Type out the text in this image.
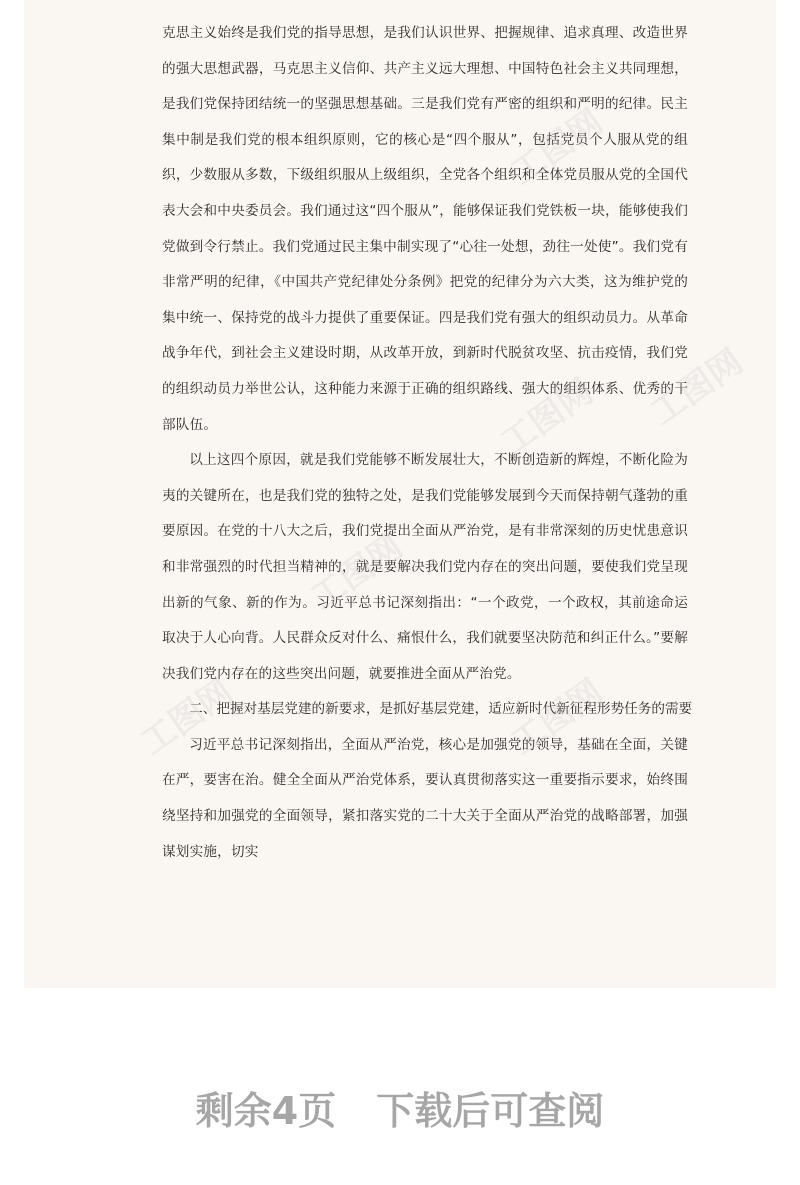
克思主义始终是我们党的指导思想，是我们认识世界、把握规律、追求真理、改造世界的强大思想武器，马克思主义信仰、共产主义远大理想、中国特色社会主义共同理想，是我们党保持团结统一的坚强思想基础。三是我们党有严密的组织和严明的纪律。民主集中制是我们党的根本组织原则，它的核心是“四个服从”，包括党员个人服从党的组织，少数服从多数，下级组织服从上级组织，全党各个组织和全体党员服从党的全国代表大会和中央委员会。我们通过这“四个服从”，能够保证我们党铁板一块，能够使我们党做到令行禁止。我们党通过民主集中制实现了“心往一处想，劲往一处使”。我们党有非常严明的纪律，《中国共产党纪律处分条例》把党的纪律分为六大类，这为维护党的集中统一、保持党的战斗力提供了重要保证。四是我们党有强大的组织动员力。从革命战争年代，到社会主义建设时期，从改革开放，到新时代脱贫攻坚、抗击疫情，我们党的组织动员力举世公认，这种能力来源于正确的组织路线、强大的组织体系、优秀的干部队伍。

以上这四个原因，就是我们党能够不断发展壮大，不断创造新的辉煌，不断化险为夷的关键所在，也是我们党的独特之处，是我们党能够发展到今天而保持朝气蓬勃的重要原因。在党的十八大之后，我们党提出全面从严治党，是有非常深刻的历史忧患意识和非常强烈的时代担当精神的，就是要解决我们党内存在的突出问题，要使我们党呈现出新的气象、新的作为。习近平总书记深刻指出：“一个政党，一个政权，其前途命运取决于人心向背。人民群众反对什么、痛恨什么，我们就要坚决防范和纠正什么。”要解决我们党内存在的这些突出问题，就要推进全面从严治党。

二、把握对基层党建的新要求，是抓好基层党建，适应新时代新征程形势任务的需要

习近平总书记深刻指出，全面从严治党，核心是加强党的领导，基础在全面，关键在严，要害在治。健全全面从严治党体系，要认真贯彻落实这一重要指示要求，始终围绕坚持和加强党的全面领导，紧扣落实党的二十大关于全面从严治党的战略部署，加强谋划实施，切实

工图网
工图网
工图网
工图网	工图网
工图网
剩余4页 下载后可查阅
